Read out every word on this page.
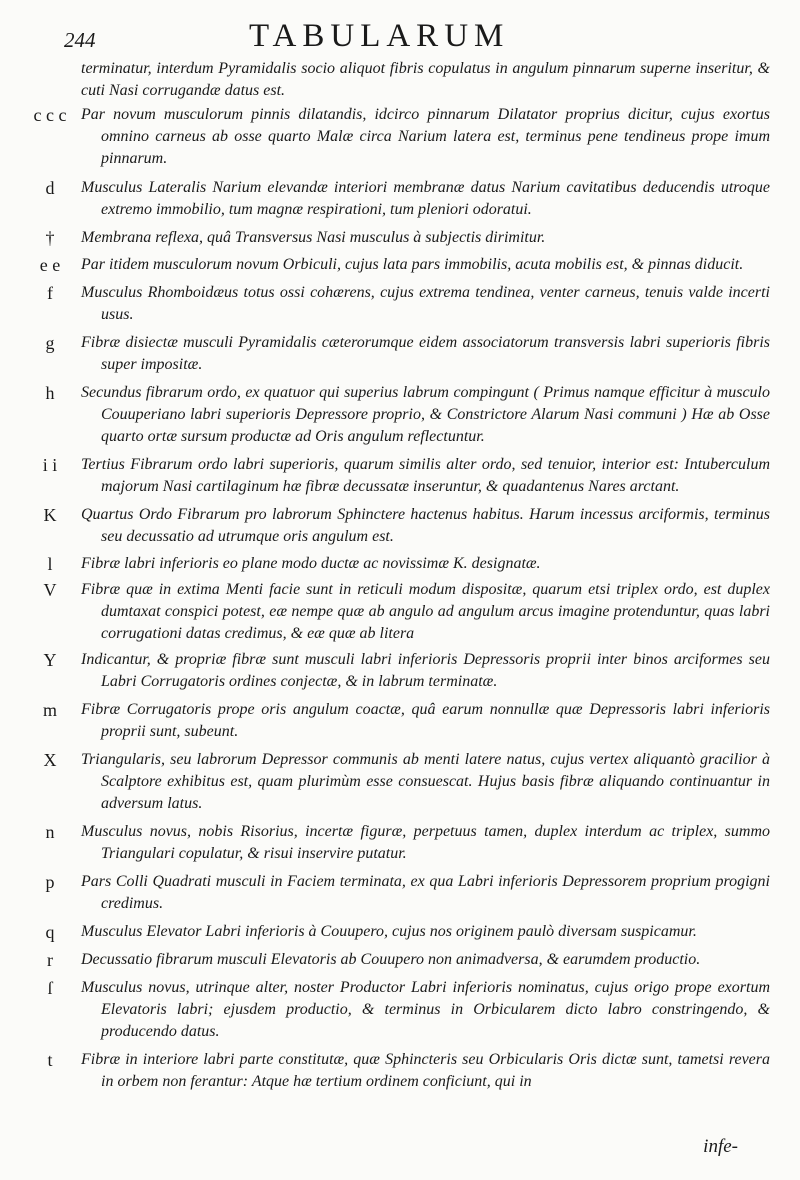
244	TABULARUM
terminatur, interdum Pyramidalis socio aliquot fibris copulatus in angulum pinnarum superne inseritur, & cuti Nasi corrugandæ datus est.
c c c Par novum musculorum pinnis dilatandis, idcirco pinnarum Dilatator proprius dicitur, cujus exortus omnino carneus ab osse quarto Malæ circa Narium latera est, terminus pene tendineus prope imum pinnarum.
d	Musculus Lateralis Narium elevandæ interiori membranæ datus Narium cavitatibus deducendis utroque extremo immobilio, tum magnæ respirationi, tum pleniori odoratui.
†	Membrana reflexa, quâ Transversus Nasi musculus à subjectis dirimitur.
e e	Par itidem musculorum novum Orbiculi, cujus lata pars immobilis, acuta mobilis est, & pinnas diducit.
f	Musculus Rhomboidæus totus ossi cohærens, cujus extrema tendinea, venter carneus, tenuis valde incerti usus.
g	Fibræ disiectæ musculi Pyramidalis cæterorumque eidem associatorum transversis labri superioris fibris super impositæ.
h	Secundus fibrarum ordo, ex quatuor qui superius labrum compingunt ( Primus namque efficitur à musculo Couuperiano labri superioris Depressore proprio, & Constrictore Alarum Nasi communi ) Hæ ab Osse quarto ortæ sursum productæ ad Oris angulum reflectuntur.
i i	Tertius Fibrarum ordo labri superioris, quarum similis alter ordo, sed tenuior, interior est: Intuberculum majorum Nasi cartilaginum hæ fibræ decussatæ inseruntur, & quadantenus Nares arctant.
K	Quartus Ordo Fibrarum pro labrorum Sphinctere hactenus habitus. Harum incessus arciformis, terminus seu decussatio ad utrumque oris angulum est.
l	Fibræ labri inferioris eo plane modo ductæ ac novissimæ K. designatæ.
V	Fibræ quæ in extima Menti facie sunt in reticuli modum dispositæ, quarum etsi triplex ordo, est duplex dumtaxat conspici potest, eæ nempe quæ ab angulo ad angulum arcus imagine protenduntur, quas labri corrugationi datas credimus, & eæ quæ ab litera
Y	Indicantur, & propriæ fibræ sunt musculi labri inferioris Depressoris proprii inter binos arciformes seu Labri Corrugatoris ordines conjectæ, & in labrum terminatæ.
m	Fibræ Corrugatoris prope oris angulum coactæ, quâ earum nonnullæ quæ Depressoris labri inferioris proprii sunt, subeunt.
X	Triangularis, seu labrorum Depressor communis ab menti latere natus, cujus vertex aliquantò gracilior à Scalptore exhibitus est, quam plurimùm esse consuescat. Hujus basis fibræ aliquando continuantur in adversum latus.
n	Musculus novus, nobis Risorius, incertæ figuræ, perpetuus tamen, duplex interdum ac triplex, summo Triangulari copulatur, & risui inservire putatur.
p	Pars Colli Quadrati musculi in Faciem terminata, ex qua Labri inferioris Depressorem proprium progigni credimus.
q	Musculus Elevator Labri inferioris à Couupero, cujus nos originem paulò diversam suspicamur.
r	Decussatio fibrarum musculi Elevatoris ab Couupero non animadversa, & earumdem productio.
ſ	Musculus novus, utrinque alter, noster Productor Labri inferioris nominatus, cujus origo prope exortum Elevatoris labri; ejusdem productio, & terminus in Orbicularem dicto labro constringendo, & producendo datus.
t	Fibræ in interiore labri parte constitutæ, quæ Sphincteris seu Orbicularis Oris dictæ sunt, tametsi revera in orbem non ferantur: Atque hæ tertium ordinem conficiunt, qui in
infe-
